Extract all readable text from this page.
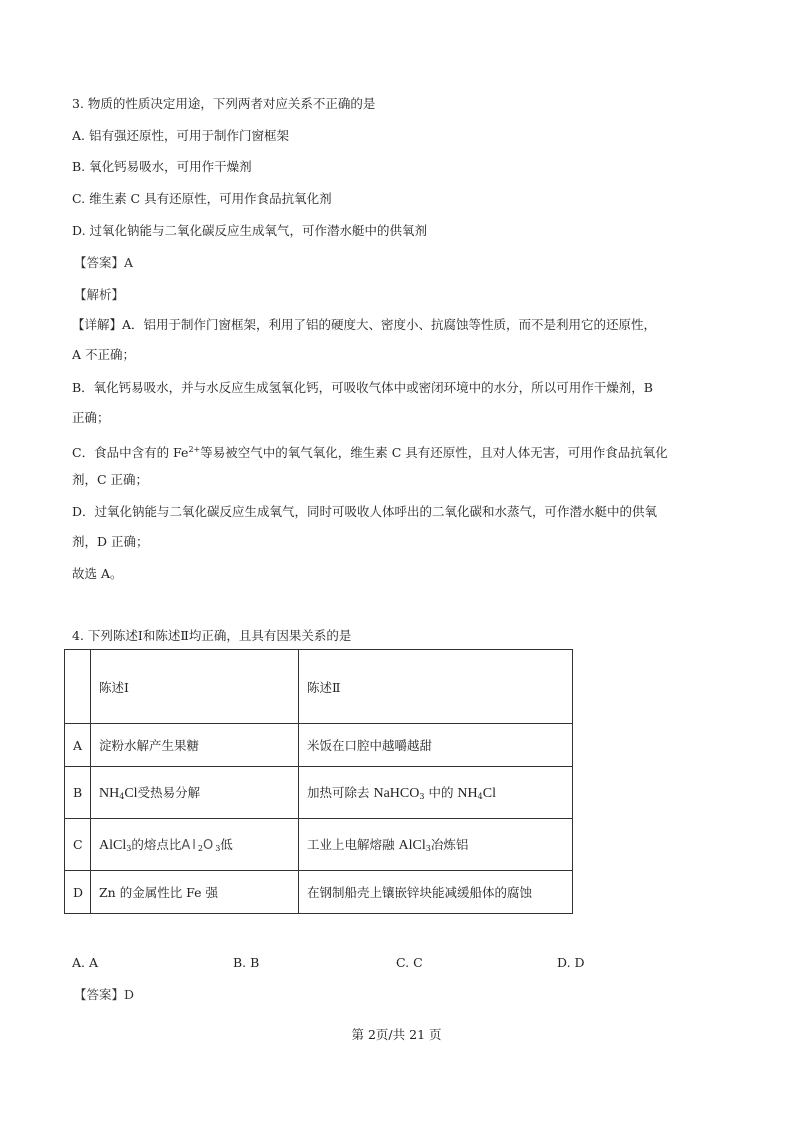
3. 物质的性质决定用途，下列两者对应关系不正确的是
A. 铝有强还原性，可用于制作门窗框架
B. 氧化钙易吸水，可用作干燥剂
C. 维生素 C 具有还原性，可用作食品抗氧化剂
D. 过氧化钠能与二氧化碳反应生成氧气，可作潜水艇中的供氧剂
【答案】A
【解析】
【详解】A．铝用于制作门窗框架，利用了铝的硬度大、密度小、抗腐蚀等性质，而不是利用它的还原性，
A 不正确；
B．氧化钙易吸水，并与水反应生成氢氧化钙，可吸收气体中或密闭环境中的水分，所以可用作干燥剂，B
正确；
C．食品中含有的 $Fe^{2+}$等易被空气中的氧气氧化，维生素 C 具有还原性，且对人体无害，可用作食品抗氧化
剂，C 正确；
D．过氧化钠能与二氧化碳反应生成氧气，同时可吸收人体呼出的二氧化碳和水蒸气，可作潜水艇中的供氧
剂，D 正确；
故选 A。
4. 下列陈述Ⅰ和陈述Ⅱ均正确，且具有因果关系的是
	陈述Ⅰ	陈述Ⅱ
A	淀粉水解产生果糖	米饭在口腔中越嚼越甜
B	$NH_4Cl$受热易分解	加热可除去 NaHCO$_3$ 中的 $NH_4Cl$
C	AlCl$_3$的熔点比$Al_2O_3$低	工业上电解熔融 AlCl$_3$冶炼铝
D	Zn 的金属性比 Fe 强	在钢制船壳上镶嵌锌块能减缓船体的腐蚀
A. A	B. B	C. C	D. D
【答案】D
第 2页/共 21 页
